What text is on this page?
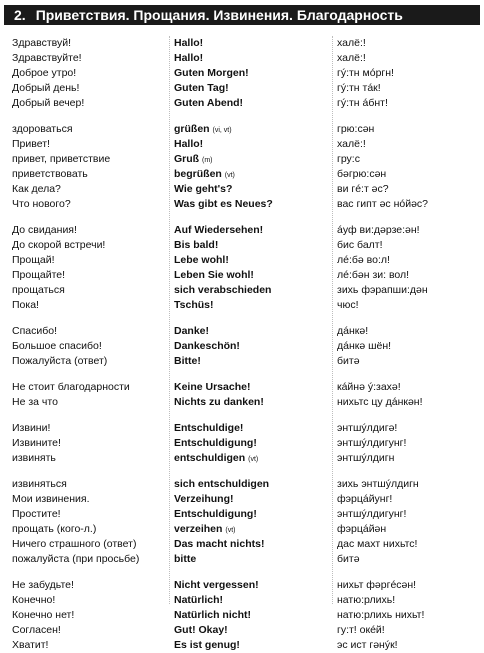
2. Приветствия. Прощания. Извинения. Благодарность
Здравствуй!	Hallo!	халё:!
Здравствуйте!	Hallo!	халё:!
Доброе утро!	Guten Morgen!	гý:тн мóргн!
Добрый день!	Guten Tag!	гý:тн тáк!
Добрый вечер!	Guten Abend!	гý:тн áбнт!
здороваться	grüßen (vi, vt)	грю:сəн
Привет!	Hallo!	халё:!
привет, приветствие	Gruß (m)	гру:с
приветствовать	begrüßen (vt)	бəгрю:сəн
Как дела?	Wie geht's?	ви гé:т əс?
Что нового?	Was gibt es Neues?	вас гипт əс нóйəс?
До свидания!	Auf Wiedersehen!	áуф ви:дəрзе:əн!
До скорой встречи!	Bis bald!	бис балт!
Прощай!	Lebe wohl!	лé:бə во:л!
Прощайте!	Leben Sie wohl!	лé:бəн зи: вол!
прощаться	sich verabschieden	зихь фэрапши:дəн
Пока!	Tschüs!	чюс!
Спасибо!	Danke!	дáнкə!
Большое спасибо!	Dankeschön!	дáнкə шён!
Пожалуйста (ответ)	Bitte!	битə
Не стоит благодарности	Keine Ursache!	кáйнə ý:захə!
Не за что	Nichts zu danken!	нихьтс цу дáнкəн!
Извини!	Entschuldige!	энтшýлдигə!
Извините!	Entschuldigung!	энтшýлдигунг!
извинять	entschuldigen (vt)	энтшýлдигн
извиняться	sich entschuldigen	зихь энтшýлдигн
Мои извинения.	Verzeihung!	фэрцáйунг!
Простите!	Entschuldigung!	энтшýлдигунг!
прощать (кого-л.)	verzeihen (vt)	фэрцáйəн
Ничего страшного (ответ)	Das macht nichts!	дас махт нихьтс!
пожалуйста (при просьбе)	bitte	битə
Не забудьте!	Nicht vergessen!	нихьт фəргéсəн!
Конечно!	Natürlich!	натю:рлихь!
Конечно нет!	Natürlich nicht!	натю:рлихь нихьт!
Согласен!	Gut! Okay!	гу:т! окéй!
Хватит!	Es ist genug!	эс ист гəнýк!
